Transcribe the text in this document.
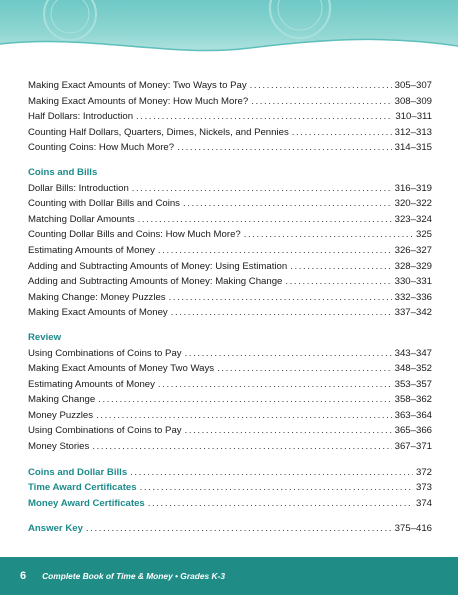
Making Exact Amounts of Money: Two Ways to Pay .....	305–307
Making Exact Amounts of Money: How Much More? .....	308–309
Half Dollars: Introduction .....	310–311
Counting Half Dollars, Quarters, Dimes, Nickels, and Pennies .....	312–313
Counting Coins: How Much More? .....	314–315
Coins and Bills
Dollar Bills: Introduction .....	316–319
Counting with Dollar Bills and Coins .....	320–322
Matching Dollar Amounts .....	323–324
Counting Dollar Bills and Coins: How Much More? .....	325
Estimating Amounts of Money .....	326–327
Adding and Subtracting Amounts of Money: Using Estimation .....	328–329
Adding and Subtracting Amounts of Money: Making Change .....	330–331
Making Change: Money Puzzles .....	332–336
Making Exact Amounts of Money .....	337–342
Review
Using Combinations of Coins to Pay .....	343–347
Making Exact Amounts of Money Two Ways .....	348–352
Estimating Amounts of Money .....	353–357
Making Change .....	358–362
Money Puzzles .....	363–364
Using Combinations of Coins to Pay .....	365–366
Money Stories .....	367–371
Coins and Dollar Bills .....	372
Time Award Certificates .....	373
Money Award Certificates .....	374
Answer Key .....	375–416
6 Complete Book of Time & Money • Grades K-3
